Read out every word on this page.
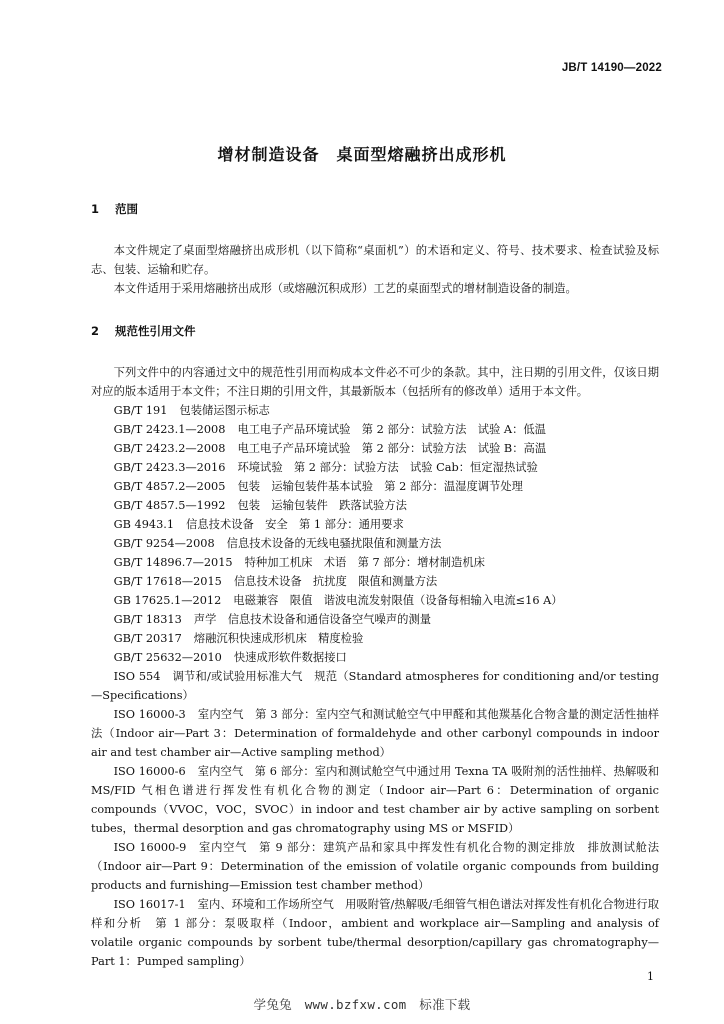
JB/T 14190—2022
增材制造设备　桌面型熔融挤出成形机
1 范围

本文件规定了桌面型熔融挤出成形机（以下简称“桌面机”）的术语和定义、符号、技术要求、检查试验及标志、包装、运输和贮存。

本文件适用于采用熔融挤出成形（或熔融沉积成形）工艺的桌面型式的增材制造设备的制造。

2 规范性引用文件

下列文件中的内容通过文中的规范性引用而构成本文件必不可少的条款。其中，注日期的引用文件，仅该日期对应的版本适用于本文件；不注日期的引用文件，其最新版本（包括所有的修改单）适用于本文件。

GB/T 191 包装储运图示标志
GB/T 2423.1—2008 电工电子产品环境试验　第 2 部分：试验方法　试验 A：低温
GB/T 2423.2—2008 电工电子产品环境试验　第 2 部分：试验方法　试验 B：高温
GB/T 2423.3—2016 环境试验　第 2 部分：试验方法　试验 Cab：恒定湿热试验
GB/T 4857.2—2005 包装　运输包装件基本试验　第 2 部分：温湿度调节处理
GB/T 4857.5—1992 包装　运输包装件　跌落试验方法
GB 4943.1 信息技术设备　安全　第 1 部分：通用要求
GB/T 9254—2008 信息技术设备的无线电骚扰限值和测量方法
GB/T 14896.7—2015 特种加工机床　术语　第 7 部分：增材制造机床
GB/T 17618—2015 信息技术设备　抗扰度　限值和测量方法
GB 17625.1—2012 电磁兼容　限值　谐波电流发射限值（设备每相输入电流≤16 A）
GB/T 18313 声学　信息技术设备和通信设备空气噪声的测量
GB/T 20317 熔融沉积快速成形机床　精度检验
GB/T 25632—2010 快速成形软件数据接口
ISO 554 调节和/或试验用标准大气　规范（Standard atmospheres for conditioning and/or testing—Specifications）
ISO 16000-3 室内空气　第 3 部分：室内空气和测试舱空气中甲醛和其他羰基化合物含量的测定活性抽样法（Indoor air—Part 3：Determination of formaldehyde and other carbonyl compounds in indoor air and test chamber air—Active sampling method）
ISO 16000-6 室内空气　第 6 部分：室内和测试舱空气中通过用 Texna TA 吸附剂的活性抽样、热解吸和 MS/FID 气相色谱进行挥发性有机化合物的测定（Indoor air—Part 6：Determination of organic compounds（VVOC，VOC，SVOC）in indoor and test chamber air by active sampling on sorbent tubes，thermal desorption and gas chromatography using MS or MSFID）
ISO 16000-9 室内空气　第 9 部分：建筑产品和家具中挥发性有机化合物的测定排放　排放测试舱法（Indoor air—Part 9：Determination of the emission of volatile organic compounds from building products and furnishing—Emission test chamber method）
ISO 16017-1 室内、环境和工作场所空气　用吸附管/热解吸/毛细管气相色谱法对挥发性有机化合物进行取样和分析　第 1 部分：泵吸取样（Indoor，ambient and workplace air—Sampling and analysis of volatile organic compounds by sorbent tube/thermal desorption/capillary gas chromatography—Part 1：Pumped sampling）
1
学兔兔　www.bzfxw.com　标准下载
